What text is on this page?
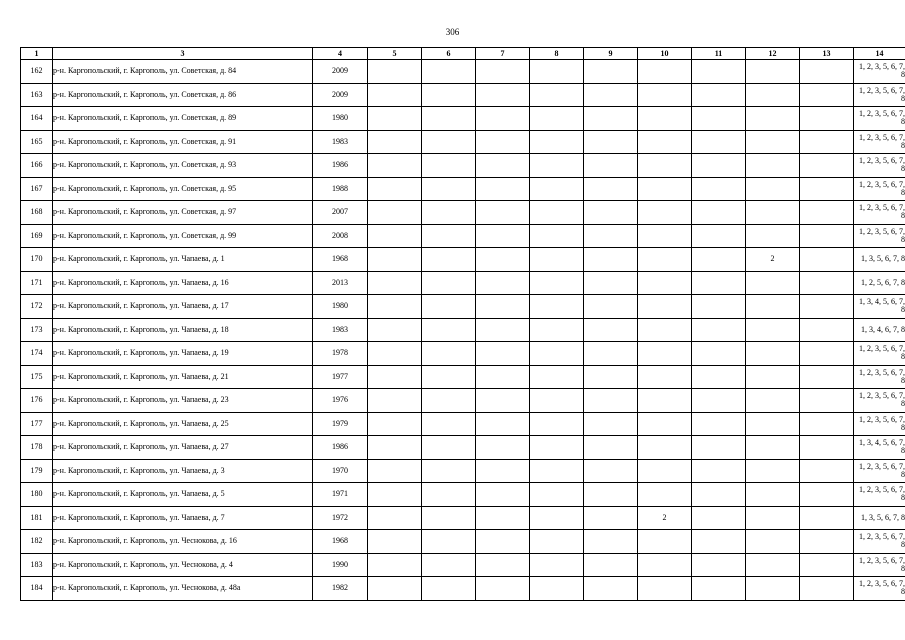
306
1	3	4	5	6	7	8	9	10	11	12	13	14
162	р-н. Каргопольский, г. Каргополь, ул. Советская, д. 84	2009										1, 2, 3, 5, 6, 7, 8
163	р-н. Каргопольский, г. Каргополь, ул. Советская, д. 86	2009										1, 2, 3, 5, 6, 7, 8
164	р-н. Каргопольский, г. Каргополь, ул. Советская, д. 89	1980										1, 2, 3, 5, 6, 7, 8
165	р-н. Каргопольский, г. Каргополь, ул. Советская, д. 91	1983										1, 2, 3, 5, 6, 7, 8
166	р-н. Каргопольский, г. Каргополь, ул. Советская, д. 93	1986										1, 2, 3, 5, 6, 7, 8
167	р-н. Каргопольский, г. Каргополь, ул. Советская, д. 95	1988										1, 2, 3, 5, 6, 7, 8
168	р-н. Каргопольский, г. Каргополь, ул. Советская, д. 97	2007										1, 2, 3, 5, 6, 7, 8
169	р-н. Каргопольский, г. Каргополь, ул. Советская, д. 99	2008										1, 2, 3, 5, 6, 7, 8
170	р-н. Каргопольский, г. Каргополь, ул. Чапаева, д. 1	1968								2		1, 3, 5, 6, 7, 8
171	р-н. Каргопольский, г. Каргополь, ул. Чапаева, д. 16	2013										1, 2, 5, 6, 7, 8
172	р-н. Каргопольский, г. Каргополь, ул. Чапаева, д. 17	1980										1, 3, 4, 5, 6, 7, 8
173	р-н. Каргопольский, г. Каргополь, ул. Чапаева, д. 18	1983										1, 3, 4, 6, 7, 8
174	р-н. Каргопольский, г. Каргополь, ул. Чапаева, д. 19	1978										1, 2, 3, 5, 6, 7, 8
175	р-н. Каргопольский, г. Каргополь, ул. Чапаева, д. 21	1977										1, 2, 3, 5, 6, 7, 8
176	р-н. Каргопольский, г. Каргополь, ул. Чапаева, д. 23	1976										1, 2, 3, 5, 6, 7, 8
177	р-н. Каргопольский, г. Каргополь, ул. Чапаева, д. 25	1979										1, 2, 3, 5, 6, 7, 8
178	р-н. Каргопольский, г. Каргополь, ул. Чапаева, д. 27	1986										1, 3, 4, 5, 6, 7, 8
179	р-н. Каргопольский, г. Каргополь, ул. Чапаева, д. 3	1970										1, 2, 3, 5, 6, 7, 8
180	р-н. Каргопольский, г. Каргополь, ул. Чапаева, д. 5	1971										1, 2, 3, 5, 6, 7, 8
181	р-н. Каргопольский, г. Каргополь, ул. Чапаева, д. 7	1972						2				1, 3, 5, 6, 7, 8
182	р-н. Каргопольский, г. Каргополь, ул. Чеснокова, д. 16	1968										1, 2, 3, 5, 6, 7, 8
183	р-н. Каргопольский, г. Каргополь, ул. Чеснокова, д. 4	1990										1, 2, 3, 5, 6, 7, 8
184	р-н. Каргопольский, г. Каргополь, ул. Чеснокова, д. 48а	1982										1, 2, 3, 5, 6, 7, 8
